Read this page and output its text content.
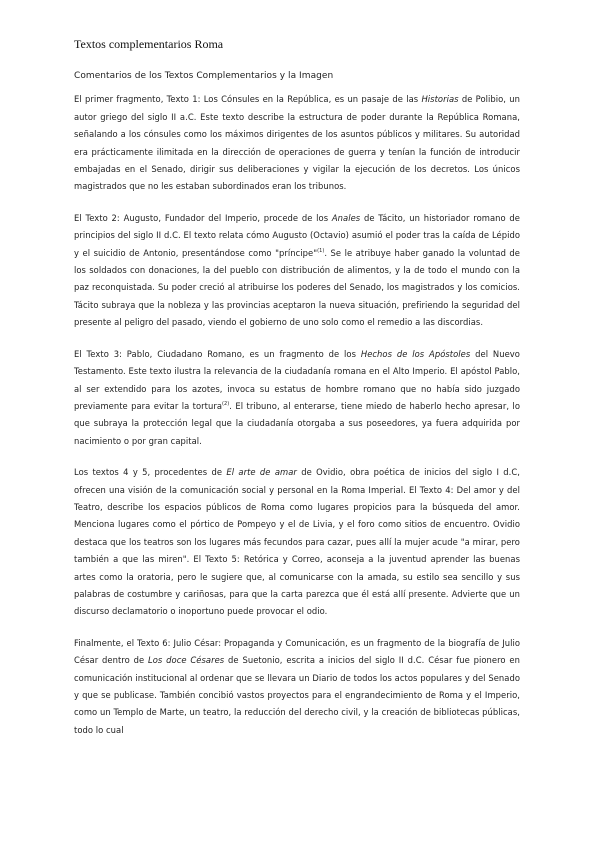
Textos complementarios Roma
Comentarios de los Textos Complementarios y la Imagen

El primer fragmento, Texto 1: Los Cónsules en la República, es un pasaje de las Historias de Polibio, un autor griego del siglo II a.C. Este texto describe la estructura de poder durante la República Romana, señalando a los cónsules como los máximos dirigentes de los asuntos públicos y militares. Su autoridad era prácticamente ilimitada en la dirección de operaciones de guerra y tenían la función de introducir embajadas en el Senado, dirigir sus deliberaciones y vigilar la ejecución de los decretos. Los únicos magistrados que no les estaban subordinados eran los tribunos.

El Texto 2: Augusto, Fundador del Imperio, procede de los Anales de Tácito, un historiador romano de principios del siglo II d.C. El texto relata cómo Augusto (Octavio) asumió el poder tras la caída de Lépido y el suicidio de Antonio, presentándose como "príncipe"$^{(1)}$. Se le atribuye haber ganado la voluntad de los soldados con donaciones, la del pueblo con distribución de alimentos, y la de todo el mundo con la paz reconquistada. Su poder creció al atribuirse los poderes del Senado, los magistrados y los comicios. Tácito subraya que la nobleza y las provincias aceptaron la nueva situación, prefiriendo la seguridad del presente al peligro del pasado, viendo el gobierno de uno solo como el remedio a las discordias.

El Texto 3: Pablo, Ciudadano Romano, es un fragmento de los Hechos de los Apóstoles del Nuevo Testamento. Este texto ilustra la relevancia de la ciudadanía romana en el Alto Imperio. El apóstol Pablo, al ser extendido para los azotes, invoca su estatus de hombre romano que no había sido juzgado previamente para evitar la tortura$^{(2)}$. El tribuno, al enterarse, tiene miedo de haberlo hecho apresar, lo que subraya la protección legal que la ciudadanía otorgaba a sus poseedores, ya fuera adquirida por nacimiento o por gran capital.

Los textos 4 y 5, procedentes de El arte de amar de Ovidio, obra poética de inicios del siglo I d.C, ofrecen una visión de la comunicación social y personal en la Roma Imperial. El Texto 4: Del amor y del Teatro, describe los espacios públicos de Roma como lugares propicios para la búsqueda del amor. Menciona lugares como el pórtico de Pompeyo y el de Livia, y el foro como sitios de encuentro. Ovidio destaca que los teatros son los lugares más fecundos para cazar, pues allí la mujer acude "a mirar, pero también a que las miren". El Texto 5: Retórica y Correo, aconseja a la juventud aprender las buenas artes como la oratoria, pero le sugiere que, al comunicarse con la amada, su estilo sea sencillo y sus palabras de costumbre y cariñosas, para que la carta parezca que él está allí presente. Advierte que un discurso declamatorio o inoportuno puede provocar el odio.

Finalmente, el Texto 6: Julio César: Propaganda y Comunicación, es un fragmento de la biografía de Julio César dentro de Los doce Césares de Suetonio, escrita a inicios del siglo II d.C. César fue pionero en comunicación institucional al ordenar que se llevara un Diario de todos los actos populares y del Senado y que se publicase. También concibió vastos proyectos para el engrandecimiento de Roma y el Imperio, como un Templo de Marte, un teatro, la reducción del derecho civil, y la creación de bibliotecas públicas, todo lo cual
